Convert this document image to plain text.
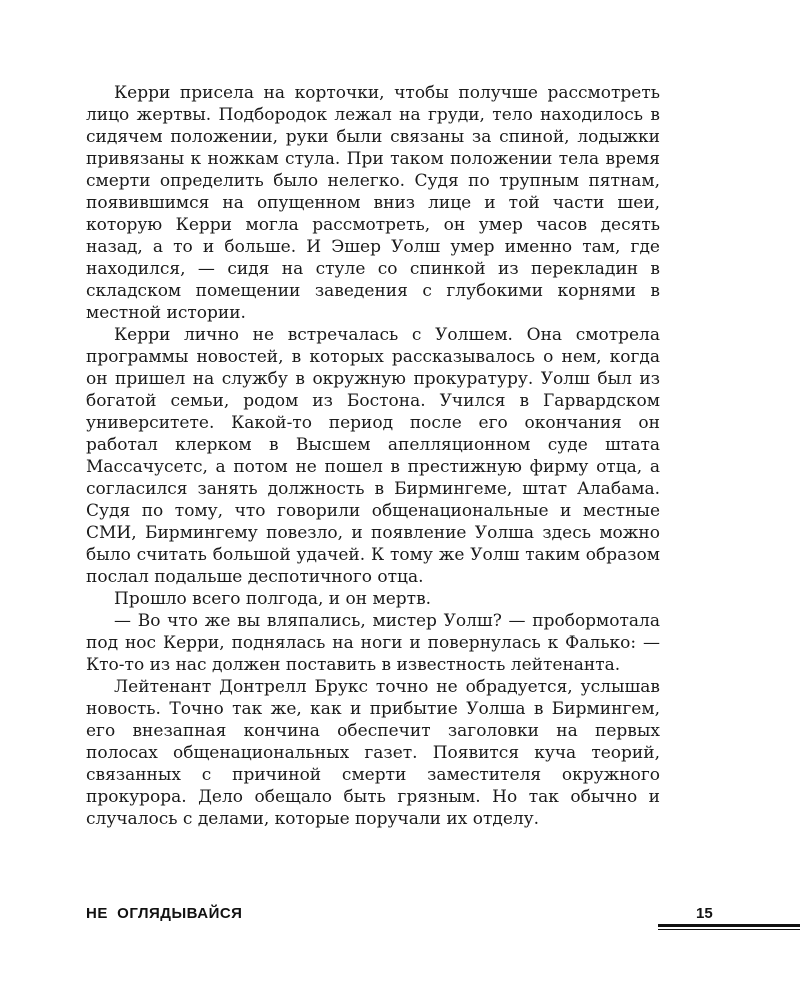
Керри присела на корточки, чтобы получше рассмотреть лицо жертвы. Подбородок лежал на груди, тело находилось в сидячем положении, руки были связаны за спиной, лодыжки привязаны к ножкам стула. При таком положении тела время смерти определить было нелегко. Судя по трупным пятнам, появившимся на опущенном вниз лице и той части шеи, которую Керри могла рассмотреть, он умер часов десять назад, а то и больше. И Эшер Уолш умер именно там, где находился, — сидя на стуле со спинкой из перекладин в складском помещении заведения с глубокими корнями в местной истории.

Керри лично не встречалась с Уолшем. Она смотрела программы новостей, в которых рассказывалось о нем, когда он пришел на службу в окружную прокуратуру. Уолш был из богатой семьи, родом из Бостона. Учился в Гарвардском университете. Какой-то период после его окончания он работал клерком в Высшем апелляционном суде штата Массачусетс, а потом не пошел в престижную фирму отца, а согласился занять должность в Бирмингеме, штат Алабама. Судя по тому, что говорили общенациональные и местные СМИ, Бирмингему повезло, и появление Уолша здесь можно было считать большой удачей. К тому же Уолш таким образом послал подальше деспотичного отца.

Прошло всего полгода, и он мертв.

— Во что же вы вляпались, мистер Уолш? — пробормотала под нос Керри, поднялась на ноги и повернулась к Фалько: — Кто-то из нас должен поставить в известность лейтенанта.

Лейтенант Донтрелл Брукс точно не обрадуется, услышав новость. Точно так же, как и прибытие Уолша в Бирмингем, его внезапная кончина обеспечит заголовки на первых полосах общенациональных газет. Появится куча теорий, связанных с причиной смерти заместителя окружного прокурора. Дело обещало быть грязным. Но так обычно и случалось с делами, которые поручали их отделу.

НЕ  ОГЛЯДЫВАЙСЯ	15
